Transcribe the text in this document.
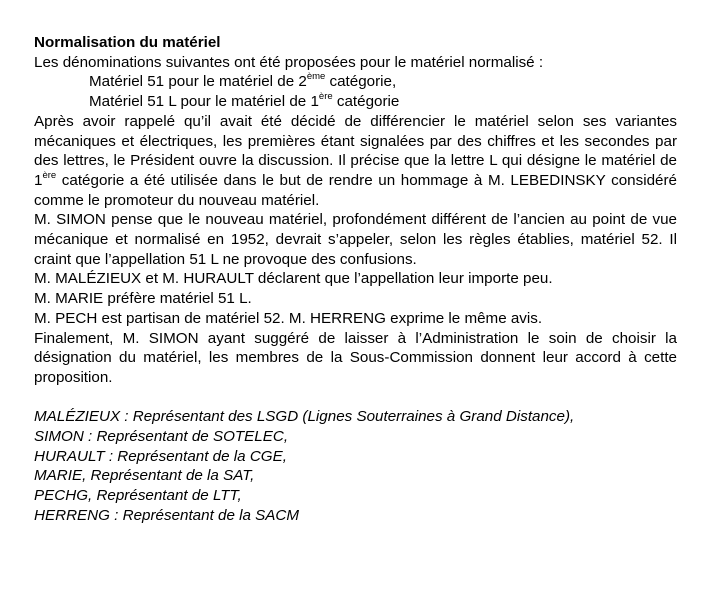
Normalisation du matériel
Les dénominations suivantes ont été proposées pour le matériel normalisé :
Matériel 51 pour le matériel de 2ème catégorie,
Matériel 51 L pour le matériel de 1ère catégorie
Après avoir rappelé qu’il avait été décidé de différencier le matériel selon ses variantes mécaniques et électriques, les premières étant signalées par des chiffres et les secondes par des lettres, le Président ouvre la discussion. Il précise que la lettre L qui désigne le matériel de 1ère catégorie a été utilisée dans le but de rendre un hommage à M. LEBEDINSKY considéré comme le promoteur du nouveau matériel.
M. SIMON pense que le nouveau matériel, profondément différent de l’ancien au point de vue mécanique et normalisé en 1952, devrait s’appeler, selon les règles établies, matériel 52. Il craint que l’appellation 51 L ne provoque des confusions.
M. MALÉZIEUX et M. HURAULT déclarent que l’appellation leur importe peu.
M. MARIE préfère matériel 51 L.
M. PECH est partisan de matériel 52. M. HERRENG exprime le même avis.
Finalement, M. SIMON ayant suggéré de laisser à l’Administration le soin de choisir la désignation du matériel, les membres de la Sous-Commission donnent leur accord à cette proposition.
MALÉZIEUX : Représentant des LSGD (Lignes Souterraines à Grand Distance),
SIMON : Représentant de SOTELEC,
HURAULT : Représentant de la CGE,
MARIE, Représentant de la SAT,
PECHG, Représentant de LTT,
HERRENG : Représentant de la SACM
